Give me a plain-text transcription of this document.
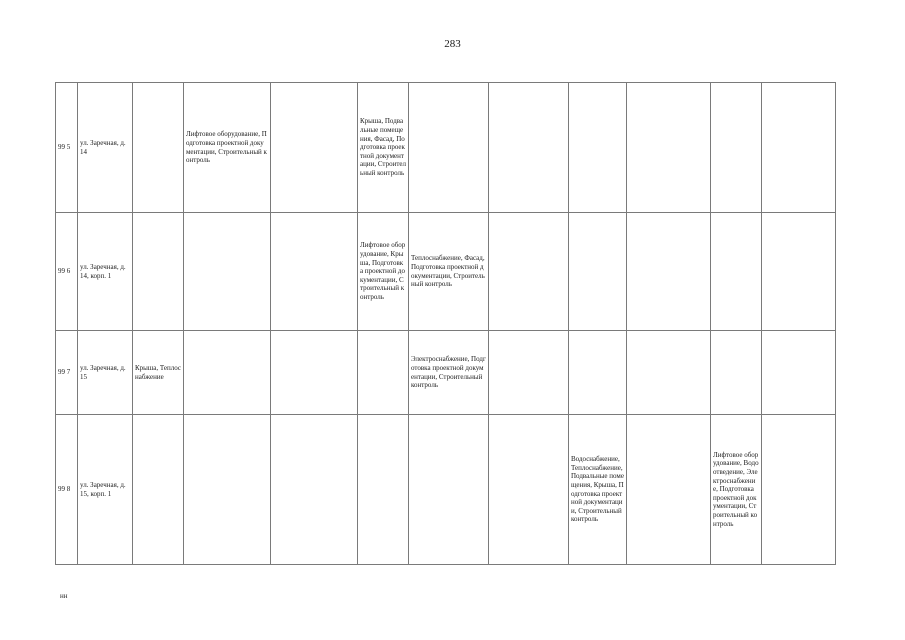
283
99 5	ул. Заречная, д. 14		Лифтовое оборудование, Подготовка проектной документации, Строительный контроль		Крыша, Подвальные помещения, Фасад, Подготовка проектной документации, Строительный контроль						
99 6	ул. Заречная, д. 14, корп. 1				Лифтовое оборудование, Крыша, Подготовка проектной документации, Строительный контроль	Теплоснабжение, Фасад, Подготовка проектной документации, Строительный контроль					
99 7	ул. Заречная, д. 15	Крыша, Теплоснабжение				Электроснабжение, Подготовка проектной документации, Строительный контроль					
99 8	ул. Заречная, д. 15, корп. 1							Водоснабжение, Теплоснабжение, Подвальные помещения, Крыша, Подготовка проектной документации, Строительный контроль		Лифтовое оборудование, Водоотведение, Электроснабжение, Подготовка проектной документации, Строительный контроль	
нн
